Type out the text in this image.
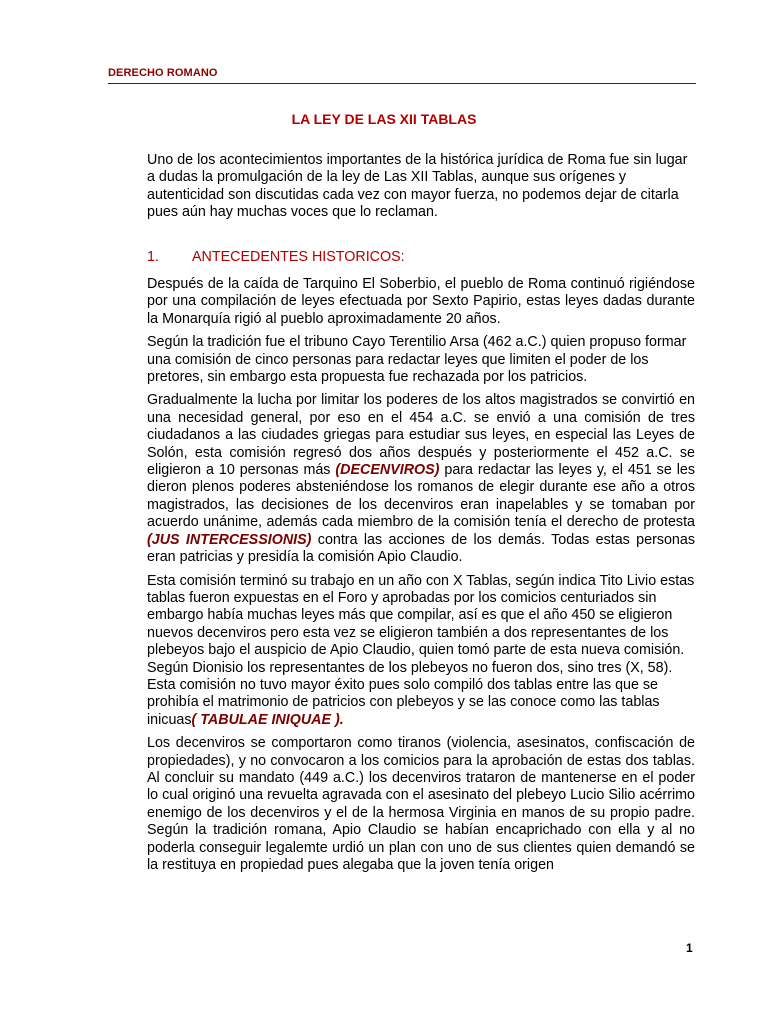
DERECHO ROMANO
LA LEY DE LAS XII TABLAS

Uno de los acontecimientos importantes de la histórica jurídica de Roma fue sin lugar a dudas la promulgación de la ley de Las XII Tablas, aunque sus orígenes y autenticidad son discutidas cada vez con mayor fuerza, no podemos dejar de citarla pues aún hay muchas voces que lo reclaman.

1. ANTECEDENTES HISTORICOS:

Después de la caída de Tarquino El Soberbio, el pueblo de Roma continuó rigiéndose por una compilación de leyes efectuada por Sexto Papirio, estas leyes dadas durante la Monarquía rigió al pueblo aproximadamente 20 años.

Según la tradición fue el tribuno Cayo Terentilio Arsa (462 a.C.) quien propuso formar una comisión de cinco personas para redactar leyes que limiten el poder de los pretores, sin embargo esta propuesta fue rechazada por los patricios.

Gradualmente la lucha por limitar los poderes de los altos magistrados se convirtió en una necesidad general, por eso en el 454 a.C. se envió a una comisión de tres ciudadanos a las ciudades griegas para estudiar sus leyes, en especial las Leyes de Solón, esta comisión regresó dos años después y posteriormente el 452 a.C. se eligieron a 10 personas más (DECENVIROS) para redactar las leyes y, el 451 se les dieron plenos poderes absteniéndose los romanos de elegir durante ese año a otros magistrados, las decisiones de los decenviros eran inapelables y se tomaban por acuerdo unánime, además cada miembro de la comisión tenía el derecho de protesta (JUS INTERCESSIONIS) contra las acciones de los demás. Todas estas personas eran patricias y presidía la comisión Apio Claudio.

Esta comisión terminó su trabajo en un año con X Tablas, según indica Tito Livio estas tablas fueron expuestas en el Foro y aprobadas por los comicios centuriados sin embargo había muchas leyes más que compilar, así es que el año 450 se eligieron nuevos decenviros pero esta vez se eligieron también a dos representantes de los plebeyos bajo el auspicio de Apio Claudio, quien tomó parte de esta nueva comisión. Según Dionisio los representantes de los plebeyos no fueron dos, sino tres (X, 58). Esta comisión no tuvo mayor éxito pues solo compiló dos tablas entre las que se prohibía el matrimonio de patricios con plebeyos y se las conoce como las tablas inicuas( TABULAE INIQUAE ).

Los decenviros se comportaron como tiranos (violencia, asesinatos, confiscación de propiedades), y no convocaron a los comicios para la aprobación de estas dos tablas. Al concluir su mandato (449 a.C.) los decenviros trataron de mantenerse en el poder lo cual originó una revuelta agravada con el asesinato del plebeyo Lucio Silio acérrimo enemigo de los decenviros y el de la hermosa Virginia en manos de su propio padre. Según la tradición romana, Apio Claudio se habían encaprichado con ella y al no poderla conseguir legalemte urdió un plan con uno de sus clientes quien demandó se la restituya en propiedad pues alegaba que la joven tenía origen

1
